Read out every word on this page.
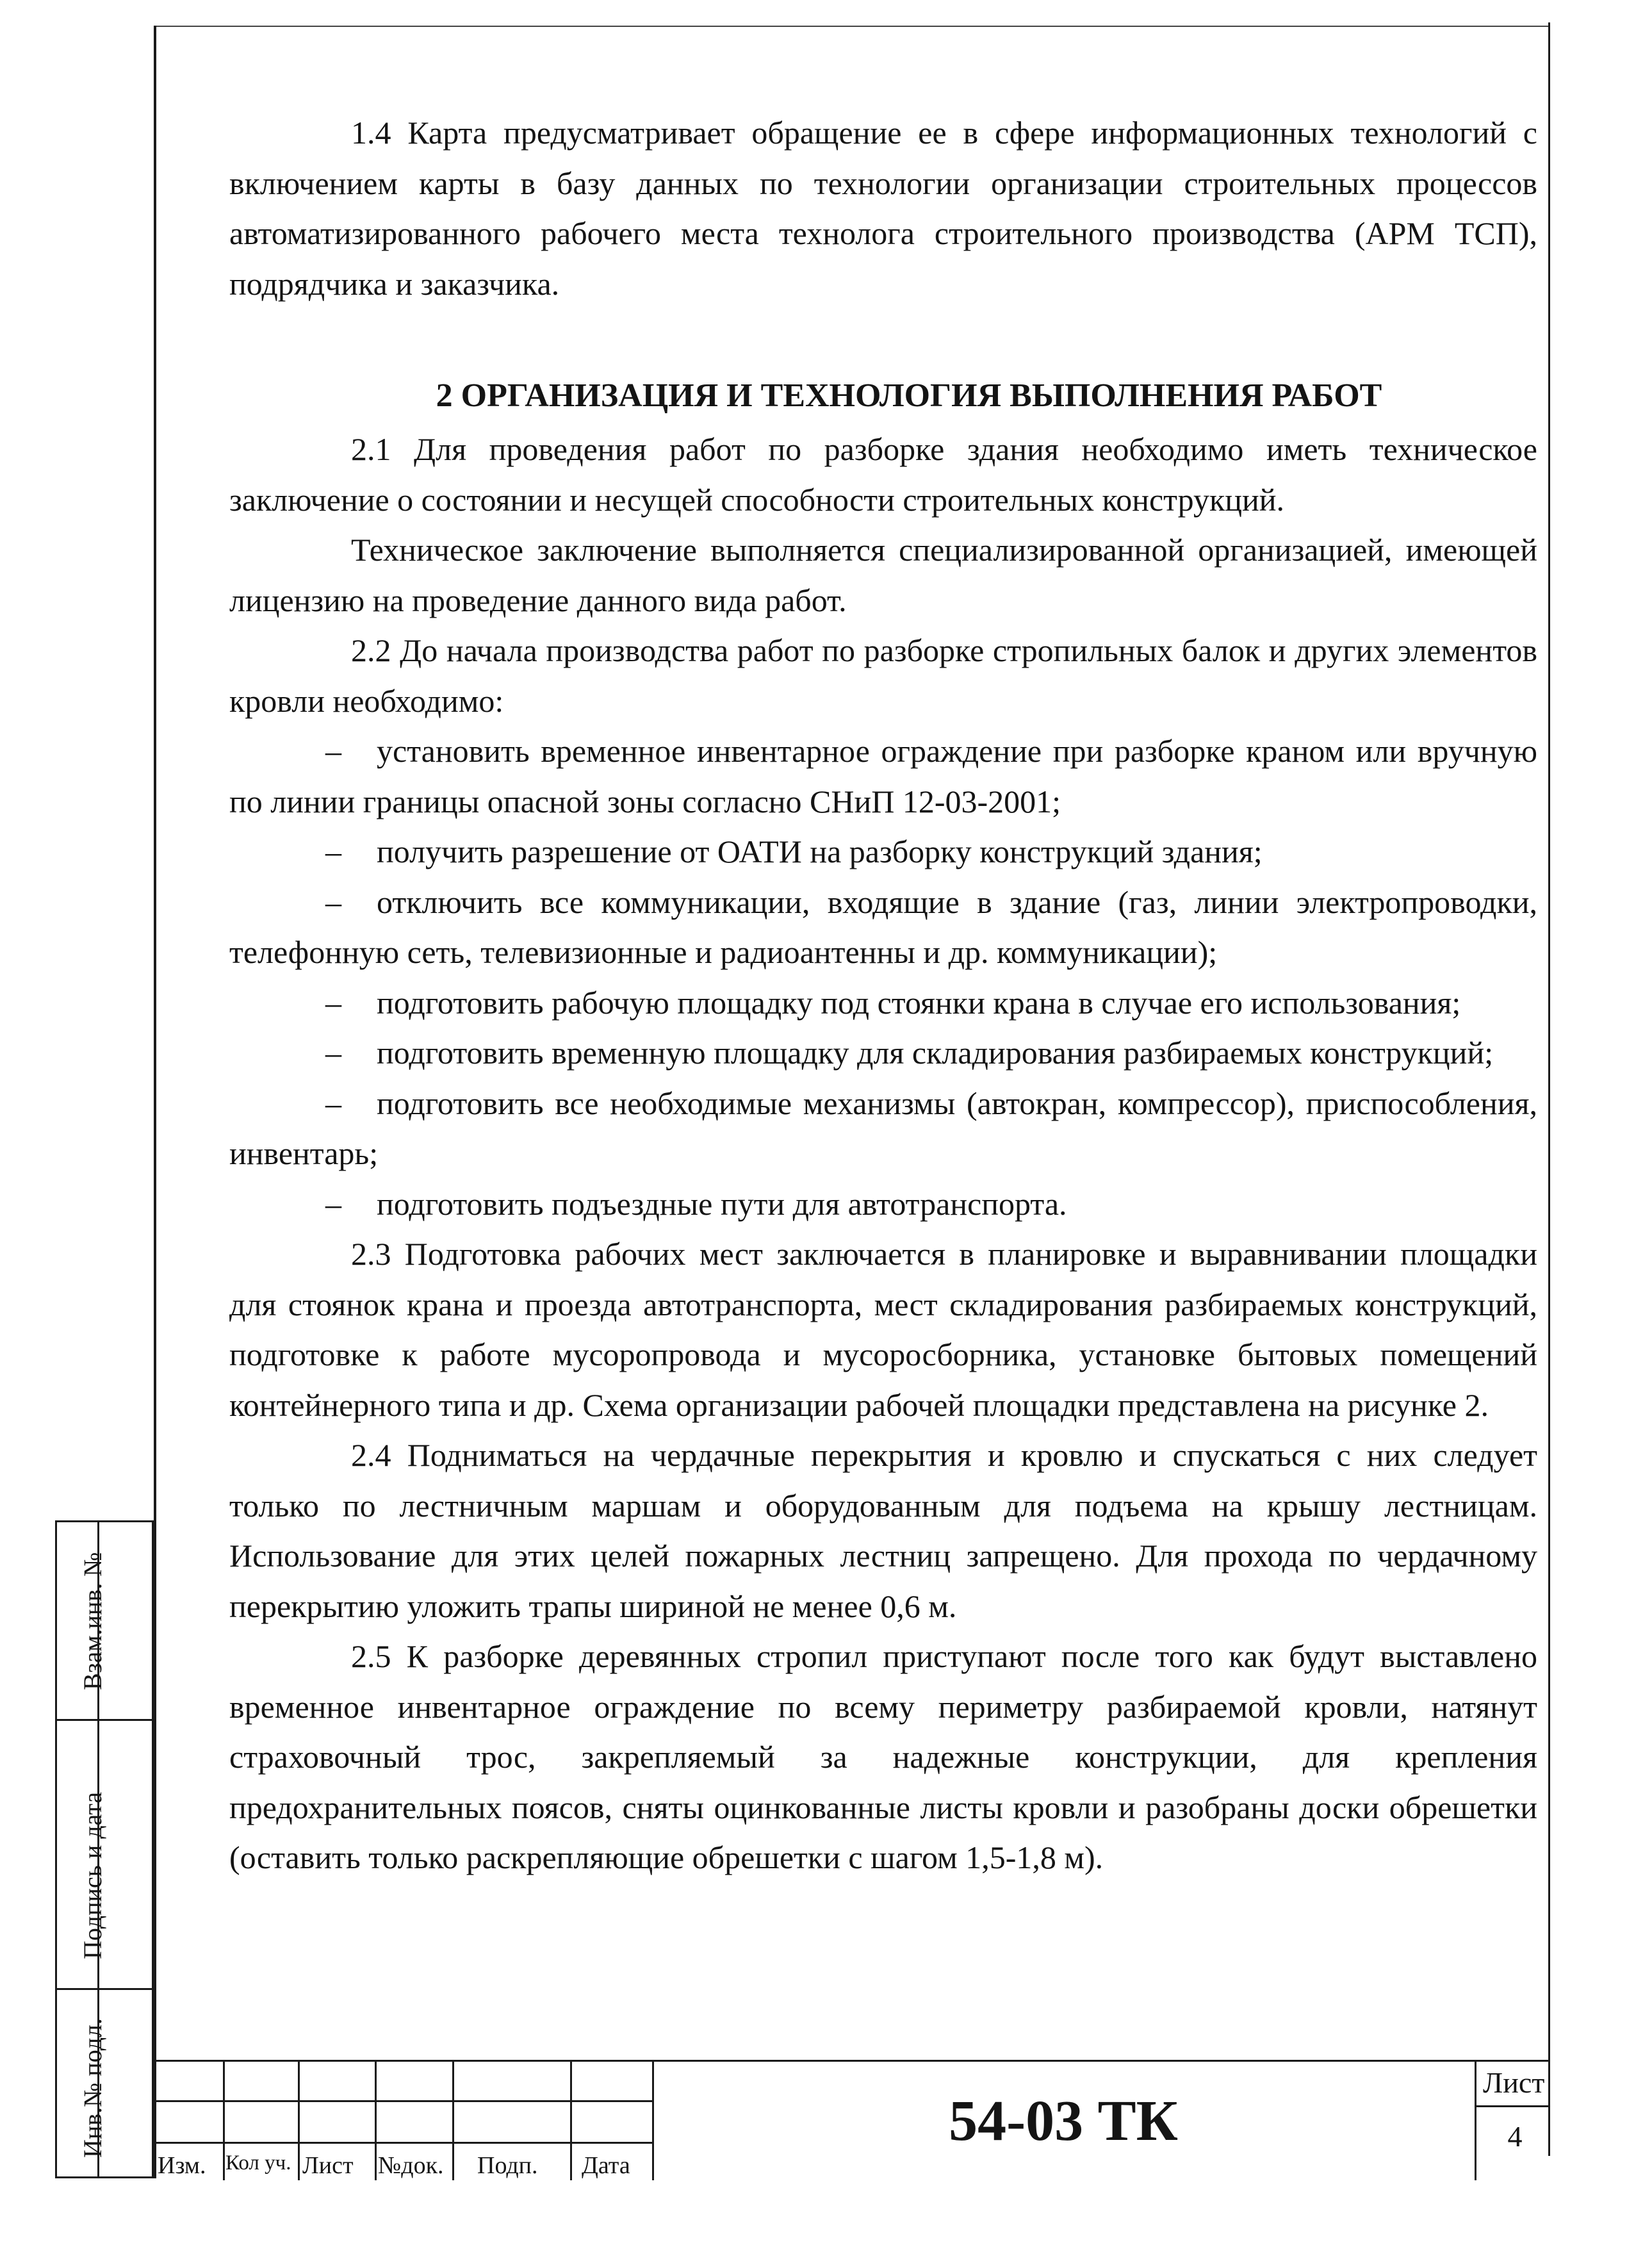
1.4 Карта предусматривает обращение ее в сфере информационных технологий с включением карты в базу данных по технологии организации строительных процессов автоматизированного рабочего места технолога строительного производства (АРМ ТСП), подрядчика и заказчика.

2 ОРГАНИЗАЦИЯ И ТЕХНОЛОГИЯ ВЫПОЛНЕНИЯ РАБОТ

2.1 Для проведения работ по разборке здания необходимо иметь техническое заключение о состоянии и несущей способности строительных конструкций.

Техническое заключение выполняется специализированной организацией, имеющей лицензию на проведение данного вида работ.

2.2 До начала производства работ по разборке стропильных балок и других элементов кровли необходимо:

– установить временное инвентарное ограждение при разборке краном или вручную по линии границы опасной зоны согласно СНиП 12-03-2001;

– получить разрешение от ОАТИ на разборку конструкций здания;

– отключить все коммуникации, входящие в здание (газ, линии электропроводки, телефонную сеть, телевизионные и радиоантенны и др. коммуникации);

– подготовить рабочую площадку под стоянки крана в случае его использования;

– подготовить временную площадку для складирования разбираемых конструкций;

– подготовить все необходимые механизмы (автокран, компрессор), приспособления, инвентарь;

– подготовить подъездные пути для автотранспорта.

2.3 Подготовка рабочих мест заключается в планировке и выравнивании площадки для стоянок крана и проезда автотранспорта, мест складирования разбираемых конструкций, подготовке к работе мусоропровода и мусоросборника, установке бытовых помещений контейнерного типа и др. Схема организации рабочей площадки представлена на рисунке 2.

2.4 Подниматься на чердачные перекрытия и кровлю и спускаться с них следует только по лестничным маршам и оборудованным для подъема на крышу лестницам. Использование для этих целей пожарных лестниц запрещено. Для прохода по чердачному перекрытию уложить трапы шириной не менее 0,6 м.

2.5 К разборке деревянных стропил приступают после того как будут выставлено временное инвентарное ограждение по всему периметру разбираемой кровли, натянут страховочный трос, закрепляемый за надежные конструкции, для крепления предохранительных поясов, сняты оцинкованные листы кровли и разобраны доски обрешетки (оставить только раскрепляющие обрешетки с шагом 1,5-1,8 м).

Взам.инв. №
Подпись и дата
Инв.№ подл.
Изм. Кол уч. Лист №док. Подп. Дата
54-03 ТК
Лист
4
